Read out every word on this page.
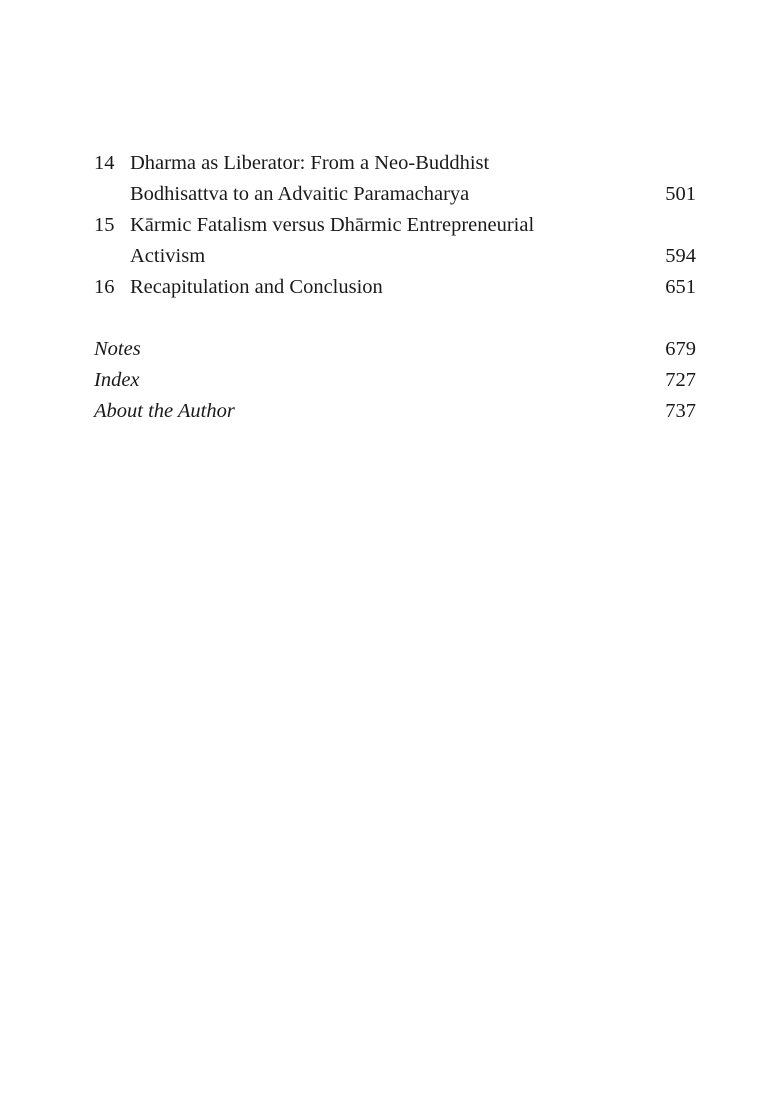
14 Dharma as Liberator: From a Neo-Buddhist
Bodhisattva to an Advaitic Paramacharya	501
15 Kārmic Fatalism versus Dhārmic Entrepreneurial
Activism	594
16 Recapitulation and Conclusion	651
Notes	679
Index	727
About the Author	737
